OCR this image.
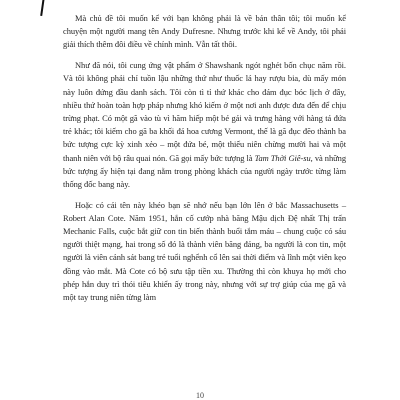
Mà chủ đề tôi muốn kể với bạn không phải là về bản thân tôi; tôi muốn kể chuyện một người mang tên Andy Dufresne. Nhưng trước khi kể về Andy, tôi phải giải thích thêm đôi điều về chính mình. Vẫn tất thôi.

Như đã nói, tôi cung ứng vật phẩm ở Shawshank ngót nghét bốn chục năm rồi. Và tôi không phải chỉ tuồn lậu những thứ như thuốc lá hay rượu bia, dù mấy món này luôn đứng đầu danh sách. Tôi còn tì tỉ thứ khác cho đám đục bóc lịch ở đây, nhiều thứ hoàn toàn hợp pháp nhưng khó kiếm ở một nơi anh được đưa đến để chịu trừng phạt. Có một gã vào tù vì hãm hiếp một bé gái và trưng hàng với hàng tá đứa trẻ khác; tôi kiếm cho gã ba khối đá hoa cương Vermont, thế là gã đục đẽo thành ba bức tượng cực kỳ xinh xẻo – một đứa bé, một thiếu niên chừng mười hai và một thanh niên với bộ râu quai nón. Gã gọi mấy bức tượng là Tam Thời Giê-su, và những bức tượng ấy hiện tại đang nằm trong phòng khách của người ngày trước từng làm thống đốc bang này.

Hoặc có cái tên này khéo bạn sẽ nhớ nếu bạn lớn lên ở bắc Massachusetts – Robert Alan Cote. Năm 1951, hắn cố cướp nhà băng Mậu dịch Đệ nhất Thị trấn Mechanic Falls, cuộc bắt giữ con tin biến thành buổi tắm máu – chung cuộc có sáu người thiệt mạng, hai trong số đó là thành viên băng đảng, ba người là con tin, một người là viên cảnh sát bang trẻ tuổi nghểnh cổ lên sai thời điểm và lĩnh một viên kẹo đồng vào mắt. Mà Cote có bộ sưu tập tiền xu. Thường thì còn khuya họ mới cho phép hắn duy trì thói tiêu khiển ấy trong này, nhưng với sự trợ giúp của mẹ gã và một tay trung niên từng làm

10
